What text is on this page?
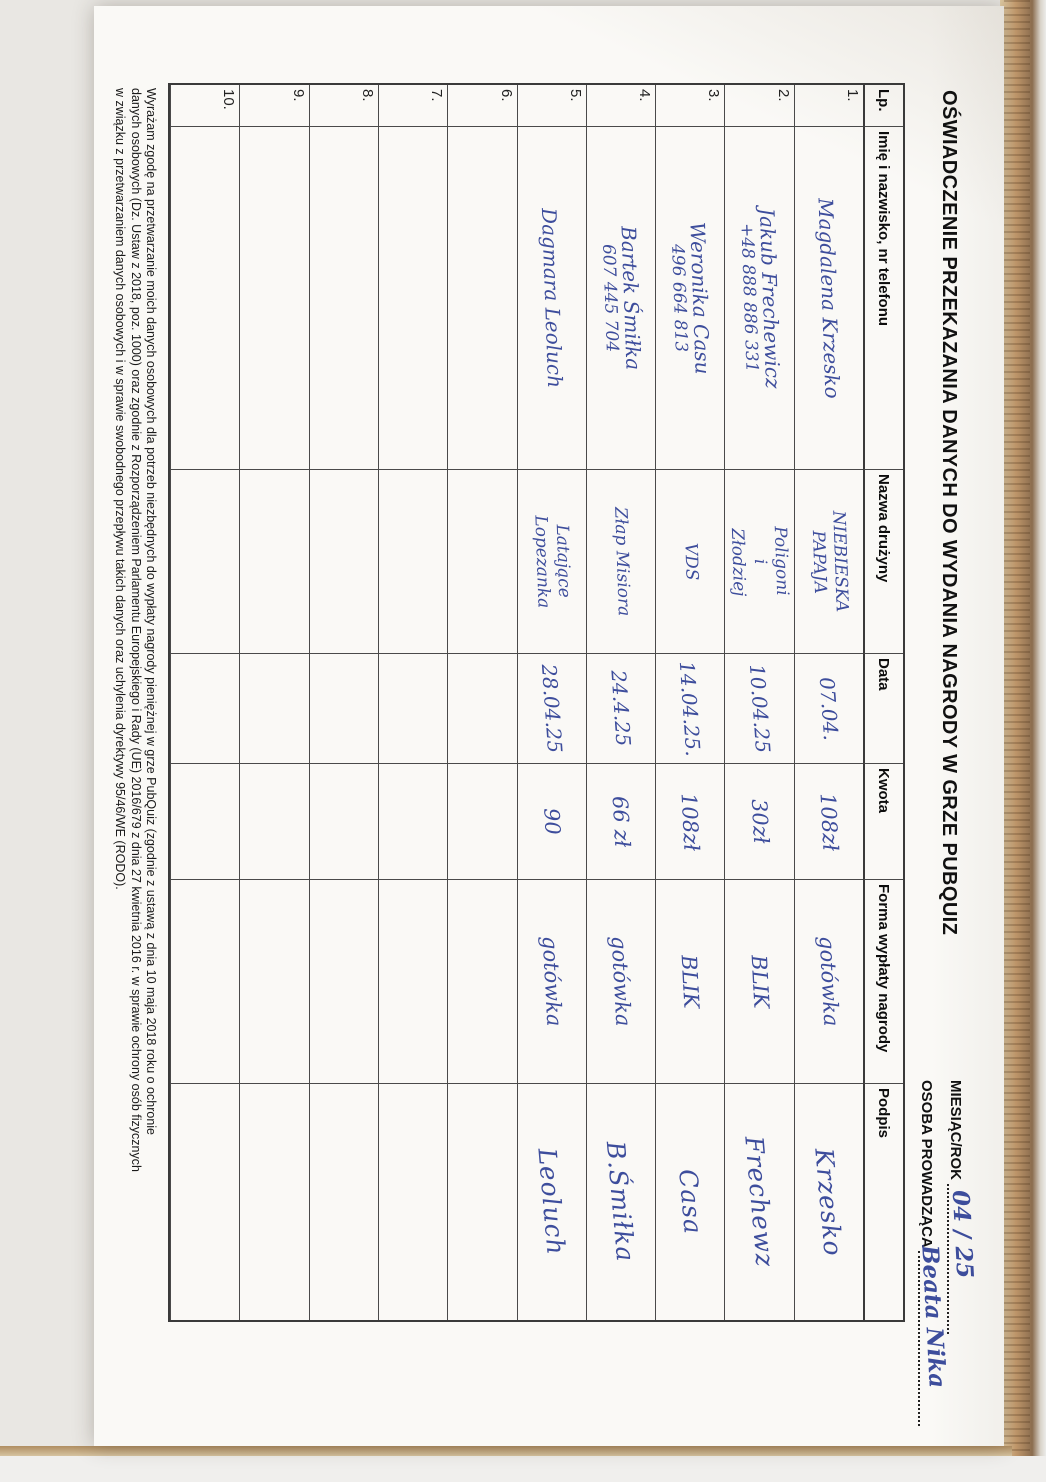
OŚWIADCZENIE PRZEKAZANIA DANYCH DO WYDANIA NAGRODY W GRZE PUBQUIZ
MIESIĄC/ROK
04 / 25
OSOBA PROWADZĄCA
Beata Nika
Lp.
Imię i nazwisko, nr telefonu
Nazwa drużyny
Data
Kwota
Forma wypłaty nagrody
Podpis
1.
Magdalena Krzesko
NIEBIESKA
PAPAJA
07.04.
108zł
gotówka
Krzesko
2.
Jakub Frechewicz
+48 888 886 331
Poligoni
i
Złodziej
10.04.25
30zł
BLIK
Frechewz
3.
Weronika Casu
496 664 813
VDS
14.04.25.
108zł
BLIK
Casa
4.
Bartek Śmiłka
607 445 704
Złap Misiora
24.4.25
66 zł
gotówka
B.Śmiłka
5.
Dagmara Leoluch
Latające
Lopezanka
28.04.25
90
gotówka
Leoluch
6.
7.
8.
9.
10.
Wyrażam zgodę na przetwarzanie moich danych osobowych dla potrzeb niezbędnych do wypłaty nagrody pieniężnej w grze PubQuiz (zgodnie z ustawą z dnia 10 maja 2018 roku o ochronie
danych osobowych (Dz. Ustaw z 2018, poz. 1000) oraz zgodnie z Rozporządzeniem Parlamentu Europejskiego i Rady (UE) 2016/679 z dnia 27 kwietnia 2016 r. w sprawie ochrony osób fizycznych
w związku z przetwarzaniem danych osobowych i w sprawie swobodnego przepływu takich danych oraz uchylenia dyrektywy 95/46/WE (RODO).
